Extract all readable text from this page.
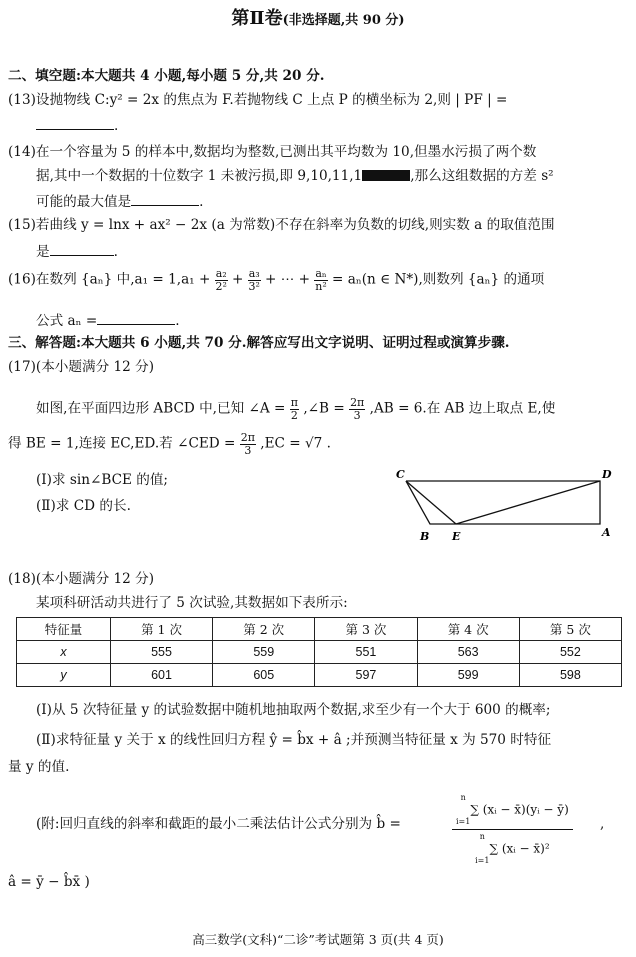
第Ⅱ卷(非选择题,共 90 分)
二、填空题:本大题共 4 小题,每小题 5 分,共 20 分.
(13)设抛物线 C:y² = 2x 的焦点为 F.若抛物线 C 上点 P 的横坐标为 2,则 | PF | =
.
(14)在一个容量为 5 的样本中,数据均为整数,已测出其平均数为 10,但墨水污损了两个数
据,其中一个数据的十位数字 1 未被污损,即 9,10,11,1	,那么这组数据的方差 s²
可能的最大值是	.
(15)若曲线 y = lnx + ax² − 2x (a 为常数)不存在斜率为负数的切线,则实数 a 的取值范围
是	.
(16)在数列 {aₙ} 中$,a_1 = 1,a_1 + \frac{\text{a₂}}{\text{2²}} + \frac{\text{a₃}}{\text{3²}}$ + ⋯ + $\frac{\text{aₙ}}{\text{n²}} = a_n(n$ ∈ N*),则数列 {aₙ} 的通项
公式 aₙ =	.
三、解答题:本大题共 6 小题,共 70 分.解答应写出文字说明、证明过程或演算步骤.
(17)(本小题满分 12 分)
如图,在平面四边形 ABCD 中,已知 ∠A = $\frac{\pi}{2}$ ,∠B = $\frac{2\pi}{3} ,AB = 6$.在 AB 边上取点 E,使
得 BE = 1,连接 EC,ED.若 ∠CED = $\frac{2\pi}{3} ,EC = √7$ .
(Ⅰ)求 sin∠BCE 的值;
(Ⅱ)求 CD 的长.
C	D
A
B E
(18)(本小题满分 12 分)
某项科研活动共进行了 5 次试验,其数据如下表所示:
特征量	第 1 次	第 2 次	第 3 次	第 4 次	第 5 次
x	555	559	551	563	552
y	601	605	597	599	598
(Ⅰ)从 5 次特征量 y 的试验数据中随机地抽取两个数据,求至少有一个大于 600 的概率;
(Ⅱ)求特征量 y 关于 x 的线性回归方程 ŷ = b̂x + â ;并预测当特征量 x 为 570 时特征
量 y 的值.
(附:回归直线的斜率和截距的最小二乘法估计公式分别为 b̂ =	n

i=1
∑ (xᵢ − x̄)(yᵢ − ȳ)
n

i=1
∑ (xᵢ − x̄)² ,
â = ȳ − b̂x̄ )
高三数学(文科)“二诊”考试题第 3 页(共 4 页)
